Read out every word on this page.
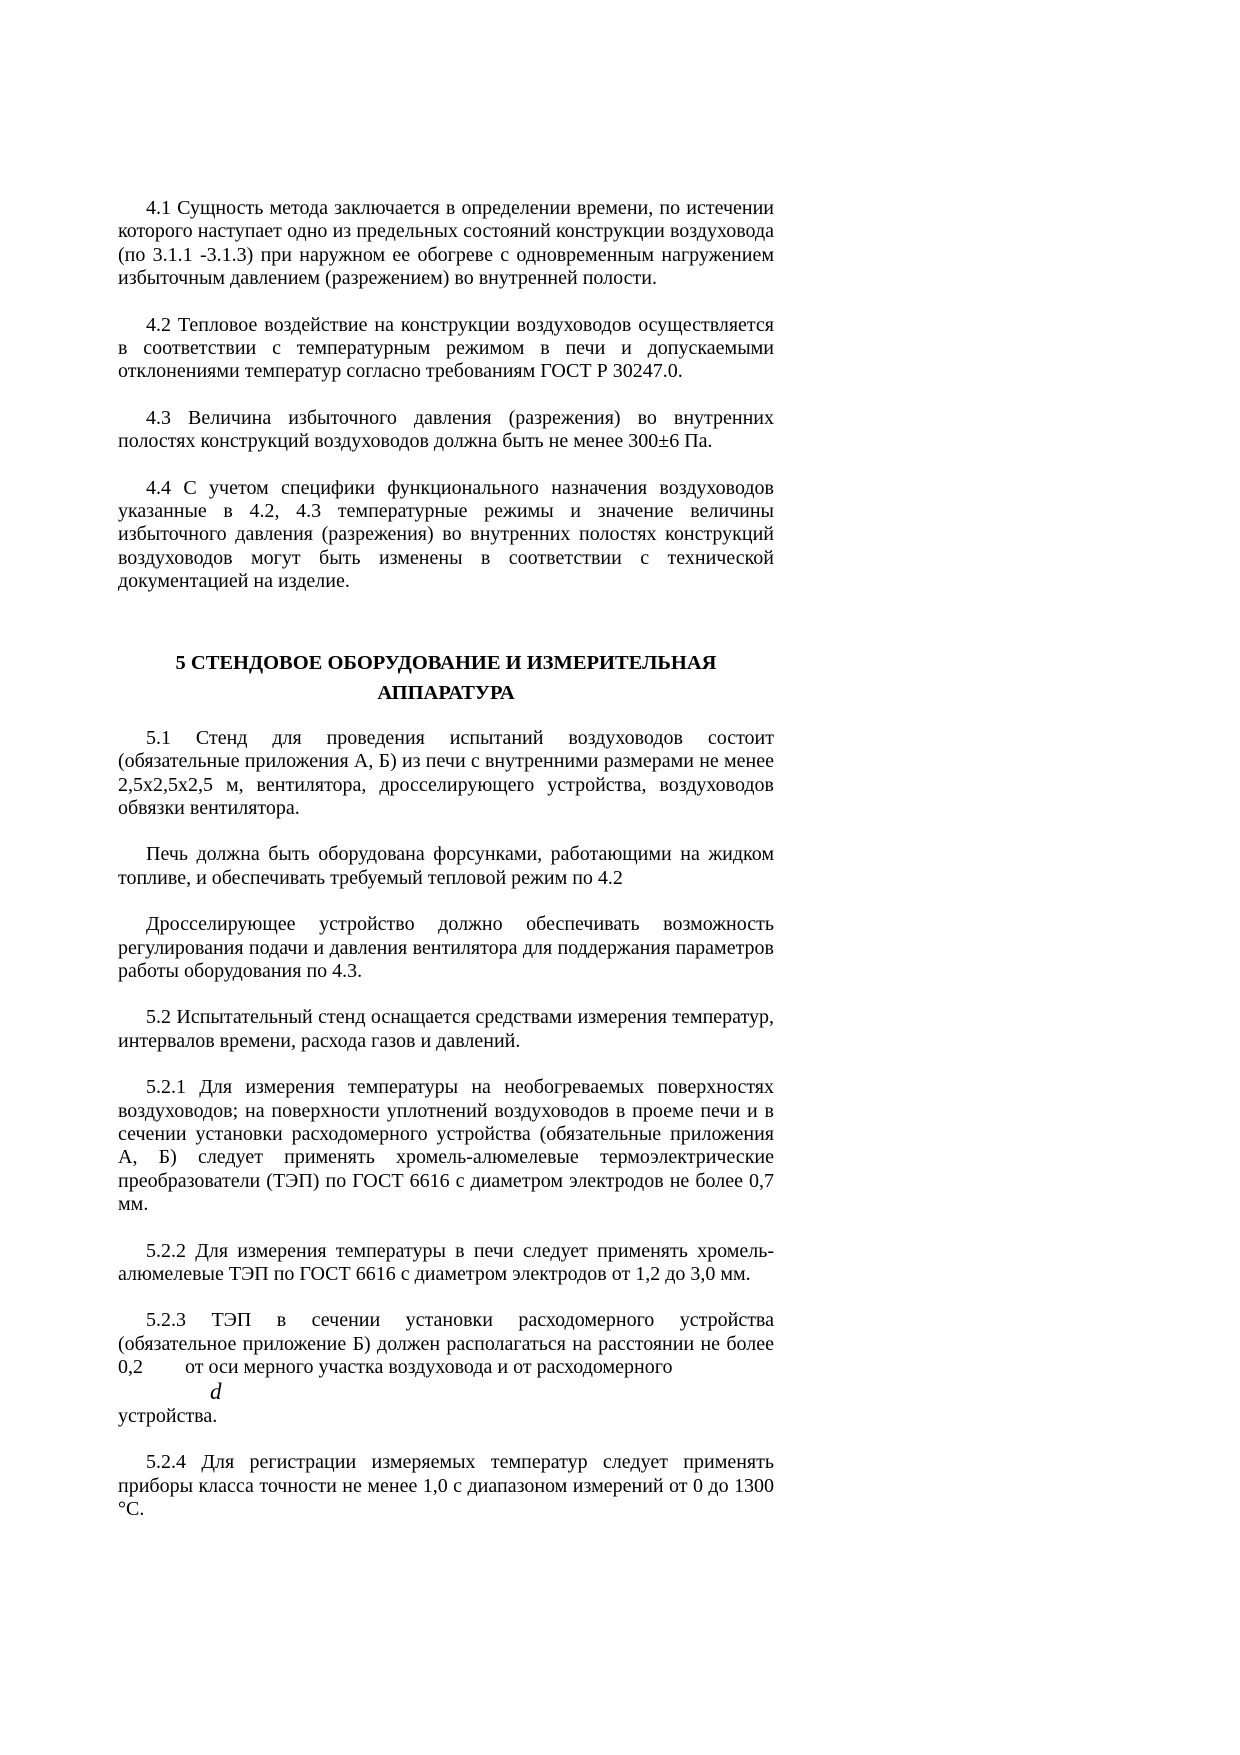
4.1 Сущность метода заключается в определении времени, по истечении которого наступает одно из предельных состояний конструкции воздуховода (по 3.1.1 -3.1.3) при наружном ее обогреве с одновременным нагружением избыточным давлением (разрежением) во внутренней полости.

4.2 Тепловое воздействие на конструкции воздуховодов осуществляется в соответствии с температурным режимом в печи и допускаемыми отклонениями температур согласно требованиям ГОСТ Р 30247.0.

4.3 Величина избыточного давления (разрежения) во внутренних полостях конструкций воздуховодов должна быть не менее 300±6 Па.

4.4 С учетом специфики функционального назначения воздуховодов указанные в 4.2, 4.3 температурные режимы и значение величины избыточного давления (разрежения) во внутренних полостях конструкций воздуховодов могут быть изменены в соответствии с технической документацией на изделие.

5 СТЕНДОВОЕ ОБОРУДОВАНИЕ И ИЗМЕРИТЕЛЬНАЯ
АППАРАТУРА

5.1 Стенд для проведения испытаний воздуховодов состоит (обязательные приложения А, Б) из печи с внутренними размерами не менее 2,5х2,5х2,5 м, вентилятора, дросселирующего устройства, воздуховодов обвязки вентилятора.

Печь должна быть оборудована форсунками, работающими на жидком топливе, и обеспечивать требуемый тепловой режим по 4.2

Дросселирующее устройство должно обеспечивать возможность регулирования подачи и давления вентилятора для поддержания параметров работы оборудования по 4.3.

5.2 Испытательный стенд оснащается средствами измерения температур, интервалов времени, расхода газов и давлений.

5.2.1 Для измерения температуры на необогреваемых поверхностях воздуховодов; на поверхности уплотнений воздуховодов в проеме печи и в сечении установки расходомерного устройства (обязательные приложения А, Б) следует применять хромель-алюмелевые термоэлектрические преобразователи (ТЭП) по ГОСТ 6616 с диаметром электродов не более 0,7 мм.

5.2.2 Для измерения температуры в печи следует применять хромель-алюмелевые ТЭП по ГОСТ 6616 с диаметром электродов от 1,2 до 3,0 мм.

5.2.3 ТЭП в сечении установки расходомерного устройства (обязательное приложение Б) должен располагаться на расстоянии не более 0,2 от оси мерного участка воздуховода и от расходомерного

d
устройства.

5.2.4 Для регистрации измеряемых температур следует применять приборы класса точности не менее 1,0 с диапазоном измерений от 0 до 1300 °С.
